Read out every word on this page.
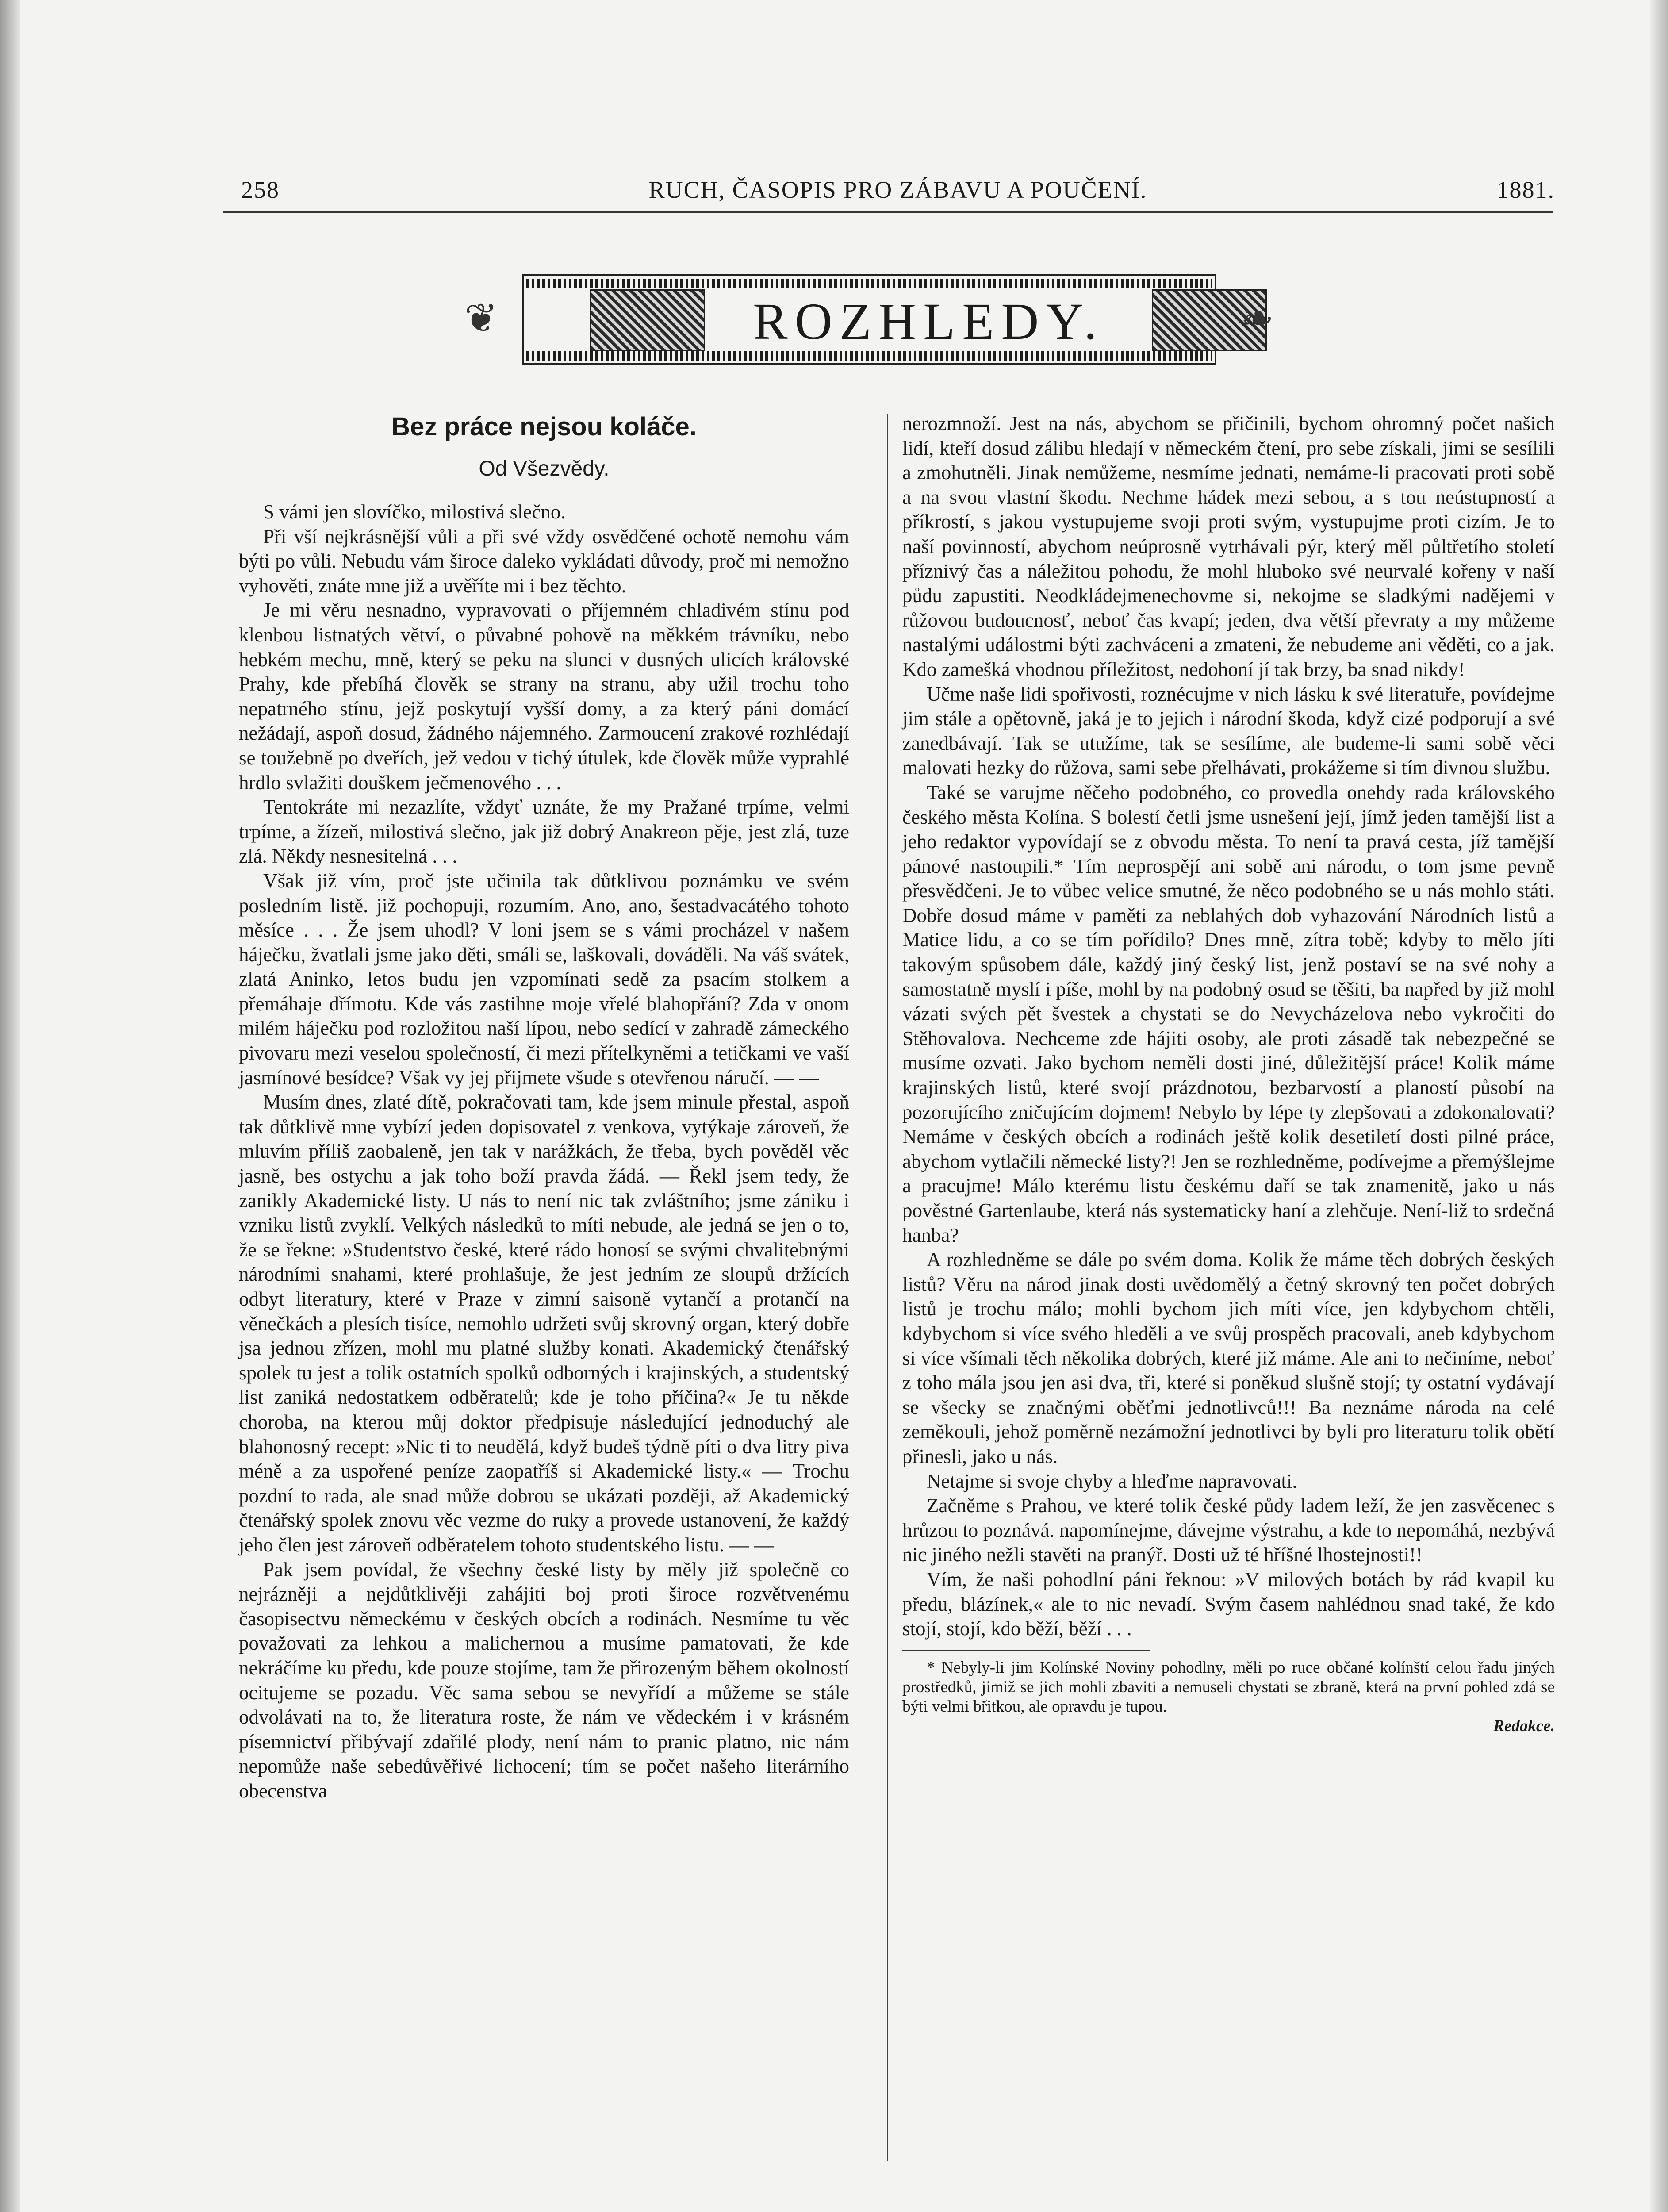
258	RUCH, ČASOPIS PRO ZÁBAVU A POUČENÍ.	1881.
❦	ROZHLEDY.	❧
Bez práce nejsou koláče.
Od Všezvědy.

S vámi jen slovíčko, milostivá slečno.

Při vší nejkrásnější vůli a při své vždy osvědčené ochotě nemohu vám býti po vůli. Nebudu vám široce daleko vykládati důvody, proč mi nemožno vyhověti, znáte mne již a uvěříte mi i bez těchto.

Je mi věru nesnadno, vypravovati o příjemném chladivém stínu pod klenbou listnatých větví, o půvabné pohově na měkkém trávníku, nebo hebkém mechu, mně, který se peku na slunci v dusných ulicích královské Prahy, kde přebíhá člověk se strany na stranu, aby užil trochu toho nepatrného stínu, jejž poskytují vyšší domy, a za který páni domácí nežádají, aspoň dosud, žádného nájemného. Zarmoucení zrakové rozhlédají se toužebně po dveřích, jež vedou v tichý útulek, kde člověk může vyprahlé hrdlo svlažiti douškem ječmenového . . .

Tentokráte mi nezazlíte, vždyť uznáte, že my Pražané trpíme, velmi trpíme, a žízeň, milostivá slečno, jak již dobrý Anakreon pěje, jest zlá, tuze zlá. Někdy nesnesitelná . . .

Však již vím, proč jste učinila tak důtklivou poznámku ve svém posledním listě. již pochopuji, rozumím. Ano, ano, šestadvacátého tohoto měsíce . . . Že jsem uhodl? V loni jsem se s vámi procházel v našem háječku, žvatlali jsme jako děti, smáli se, laškovali, dováděli. Na váš svátek, zlatá Aninko, letos budu jen vzpomínati sedě za psacím stolkem a přemáhaje dřímotu. Kde vás zastihne moje vřelé blahopřání? Zda v onom milém háječku pod rozložitou naší lípou, nebo sedící v zahradě zámeckého pivovaru mezi veselou společností, či mezi přítelkyněmi a tetičkami ve vaší jasmínové besídce? Však vy jej přijmete všude s otevřenou náručí. — —

Musím dnes, zlaté dítě, pokračovati tam, kde jsem minule přestal, aspoň tak důtklivě mne vybízí jeden dopisovatel z venkova, vytýkaje zároveň, že mluvím příliš zaobaleně, jen tak v narážkách, že třeba, bych pověděl věc jasně, bes ostychu a jak toho boží pravda žádá. — Řekl jsem tedy, že zanikly Akademické listy. U nás to není nic tak zvláštního; jsme zániku i vzniku listů zvyklí. Velkých následků to míti nebude, ale jedná se jen o to, že se řekne: »Studentstvo české, které rádo honosí se svými chvalitebnými národními snahami, které prohlašuje, že jest jedním ze sloupů držících odbyt literatury, které v Praze v zimní saisoně vytančí a protančí na věnečkách a plesích tisíce, nemohlo udržeti svůj skrovný organ, který dobře jsa jednou zřízen, mohl mu platné služby konati. Akademický čtenářský spolek tu jest a tolik ostatních spolků odborných i krajinských, a studentský list zaniká nedostatkem odběratelů; kde je toho příčina?« Je tu někde choroba, na kterou můj doktor předpisuje následující jednoduchý ale blahonosný recept: »Nic ti to neudělá, když budeš týdně píti o dva litry piva méně a za uspořené peníze zaopatříš si Akademické listy.« — Trochu pozdní to rada, ale snad může dobrou se ukázati později, až Akademický čtenářský spolek znovu věc vezme do ruky a provede ustanovení, že každý jeho člen jest zároveň odběratelem tohoto studentského listu. — —

Pak jsem povídal, že všechny české listy by měly již společně co nejrázněji a nejdůtklivěji zahájiti boj proti široce rozvětvenému časopisectvu německému v českých obcích a rodinách. Nesmíme tu věc považovati za lehkou a malichernou a musíme pamatovati, že kde nekráčíme ku předu, kde pouze stojíme, tam že přirozeným během okolností ocitujeme se pozadu. Věc sama sebou se nevyřídí a můžeme se stále odvolávati na to, že literatura roste, že nám ve vědeckém i v krásném písemnictví přibývají zdařilé plody, není nám to pranic platno, nic nám nepomůže naše sebedůvěřivé lichocení; tím se počet našeho literárního obecenstva

nerozmnoží. Jest na nás, abychom se přičinili, bychom ohromný počet našich lidí, kteří dosud zálibu hledají v německém čtení, pro sebe získali, jimi se sesílili a zmohutněli. Jinak nemůžeme, nesmíme jednati, nemáme-li pracovati proti sobě a na svou vlastní škodu. Nechme hádek mezi sebou, a s tou neústupností a příkrostí, s jakou vystupujeme svoji proti svým, vystupujme proti cizím. Je to naší povinností, abychom neúprosně vytrhávali pýr, který měl půltřetího století příznivý čas a náležitou pohodu, že mohl hluboko své neurvalé kořeny v naší půdu zapustiti. Neodkládejmenechovme si, nekojme se sladkými nadějemi v růžovou budoucnosť, neboť čas kvapí; jeden, dva větší převraty a my můžeme nastalými událostmi býti zachváceni a zmateni, že nebudeme ani věděti, co a jak. Kdo zamešká vhodnou příležitost, nedohoní jí tak brzy, ba snad nikdy!

Učme naše lidi spořivosti, roznécujme v nich lásku k své literatuře, povídejme jim stále a opětovně, jaká je to jejich i národní škoda, když cizé podporují a své zanedbávají. Tak se utužíme, tak se sesílíme, ale budeme-li sami sobě věci malovati hezky do růžova, sami sebe přelhávati, prokážeme si tím divnou službu.

Také se varujme něčeho podobného, co provedla onehdy rada královského českého města Kolína. S bolestí četli jsme usnešení její, jímž jeden tamější list a jeho redaktor vypovídají se z obvodu města. To není ta pravá cesta, jíž tamější pánové nastoupili.* Tím neprospějí ani sobě ani národu, o tom jsme pevně přesvědčeni. Je to vůbec velice smutné, že něco podobného se u nás mohlo státi. Dobře dosud máme v paměti za neblahých dob vyhazování Národních listů a Matice lidu, a co se tím pořídilo? Dnes mně, zítra tobě; kdyby to mělo jíti takovým spůsobem dále, každý jiný český list, jenž postaví se na své nohy a samostatně myslí i píše, mohl by na podobný osud se těšiti, ba napřed by již mohl vázati svých pět švestek a chystati se do Nevycházelova nebo vykročiti do Stěhovalova. Nechceme zde hájiti osoby, ale proti zásadě tak nebezpečné se musíme ozvati. Jako bychom neměli dosti jiné, důležitější práce! Kolik máme krajinských listů, které svojí prázdnotou, bezbarvostí a plaností působí na pozorujícího zničujícím dojmem! Nebylo by lépe ty zlepšovati a zdokonalovati? Nemáme v českých obcích a rodinách ještě kolik desetiletí dosti pilné práce, abychom vytlačili německé listy?! Jen se rozhledněme, podívejme a přemýšlejme a pracujme! Málo kterému listu českému daří se tak znamenitě, jako u nás pověstné Gartenlaube, která nás systematicky haní a zlehčuje. Není-liž to srdečná hanba?

A rozhledněme se dále po svém doma. Kolik že máme těch dobrých českých listů? Věru na národ jinak dosti uvědomělý a četný skrovný ten počet dobrých listů je trochu málo; mohli bychom jich míti více, jen kdybychom chtěli, kdybychom si více svého hleděli a ve svůj prospěch pracovali, aneb kdybychom si více všímali těch několika dobrých, které již máme. Ale ani to nečiníme, neboť z toho mála jsou jen asi dva, tři, které si poněkud slušně stojí; ty ostatní vydávají se všecky se značnými oběťmi jednotlivců!!! Ba neznáme národa na celé zeměkouli, jehož poměrně nezámožní jednotlivci by byli pro literaturu tolik obětí přinesli, jako u nás.

Netajme si svoje chyby a hleďme napravovati.

Začněme s Prahou, ve které tolik české půdy ladem leží, že jen zasvěcenec s hrůzou to poznává. napomínejme, dávejme výstrahu, a kde to nepomáhá, nezbývá nic jiného nežli stavěti na pranýř. Dosti už té hříšné lhostejnosti!!

Vím, že naši pohodlní páni řeknou: »V milových botách by rád kvapil ku předu, blázínek,« ale to nic nevadí. Svým časem nahlédnou snad také, že kdo stojí, stojí, kdo běží, běží . . .

* Nebyly-li jim Kolínské Noviny pohodlny, měli po ruce občané kolínští celou řadu jiných prostředků, jimiž se jich mohli zbaviti a nemuseli chystati se zbraně, která na první pohled zdá se býti velmi břitkou, ale opravdu je tupou.

Redakce.
